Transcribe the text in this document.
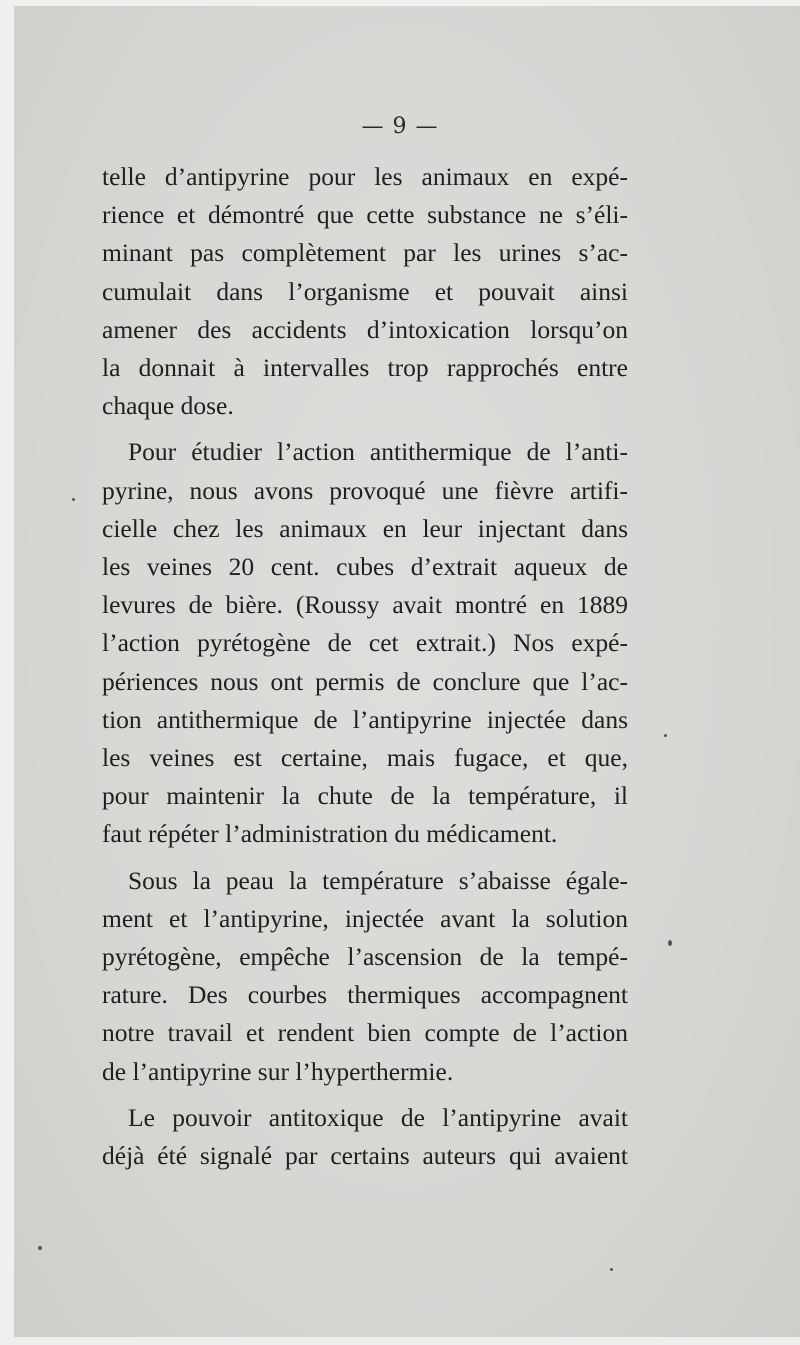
— 9 —
telle d’antipyrine pour les animaux en expé-
rience et démontré que cette substance ne s’éli-
minant pas complètement par les urines s’ac-
cumulait dans l’organisme et pouvait ainsi
amener des accidents d’intoxication lorsqu’on
la donnait à intervalles trop rapprochés entre
chaque dose.
Pour étudier l’action antithermique de l’anti-
pyrine, nous avons provoqué une fièvre artifi-
cielle chez les animaux en leur injectant dans
les veines 20 cent. cubes d’extrait aqueux de
levures de bière. (Roussy avait montré en 1889
l’action pyrétogène de cet extrait.) Nos expé-
périences nous ont permis de conclure que l’ac-
tion antithermique de l’antipyrine injectée dans
les veines est certaine, mais fugace, et que,
pour maintenir la chute de la température, il
faut répéter l’administration du médicament.
Sous la peau la température s’abaisse égale-
ment et l’antipyrine, injectée avant la solution
pyrétogène, empêche l’ascension de la tempé-
rature. Des courbes thermiques accompagnent
notre travail et rendent bien compte de l’action
de l’antipyrine sur l’hyperthermie.
Le pouvoir antitoxique de l’antipyrine avait
déjà été signalé par certains auteurs qui avaient
